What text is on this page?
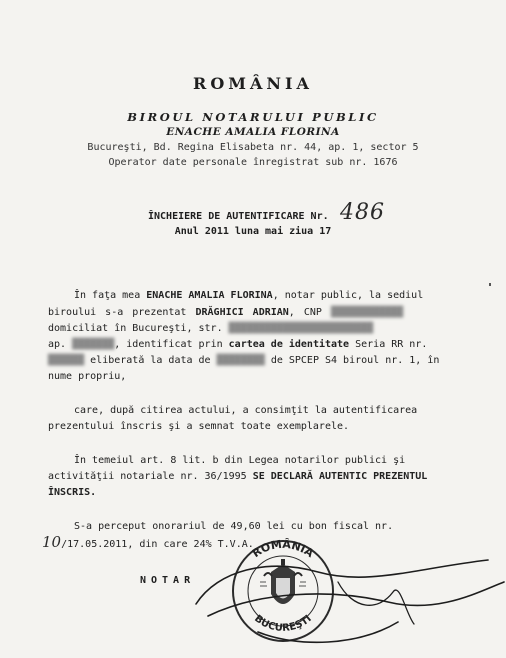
ROMÂNIA
BIROUL NOTARULUI PUBLIC
ENACHE AMALIA FLORINA
Bucureşti, Bd. Regina Elisabeta nr. 44, ap. 1, sector 5
Operator date personale înregistrat sub nr. 1676
ÎNCHEIERE DE AUTENTIFICARE Nr. 486
Anul 2011 luna mai ziua 17
În faţa mea ENACHE AMALIA FLORINA, notar public, la sediul
biroului s-a prezentat DRĂGHICI ADRIAN, CNP ████████████
domiciliat în Bucureşti, str. ████████████████████████
ap. ███████, identificat prin cartea de identitate Seria RR nr.
██████ eliberată la data de ████████ de SPCEP S4 biroul nr. 1, în
nume propriu,
care, după citirea actului, a consimţit la autentificarea
prezentului înscris şi a semnat toate exemplarele.
În temeiul art. 8 lit. b din Legea notarilor publici şi
activităţii notariale nr. 36/1995 SE DECLARĂ AUTENTIC PREZENTUL
ÎNSCRIS.
S-a perceput onorariul de 49,60 lei cu bon fiscal nr.
10/17.05.2011, din care 24% T.V.A.
NOTAR
ROMÂNIA
BUCUREŞTI
